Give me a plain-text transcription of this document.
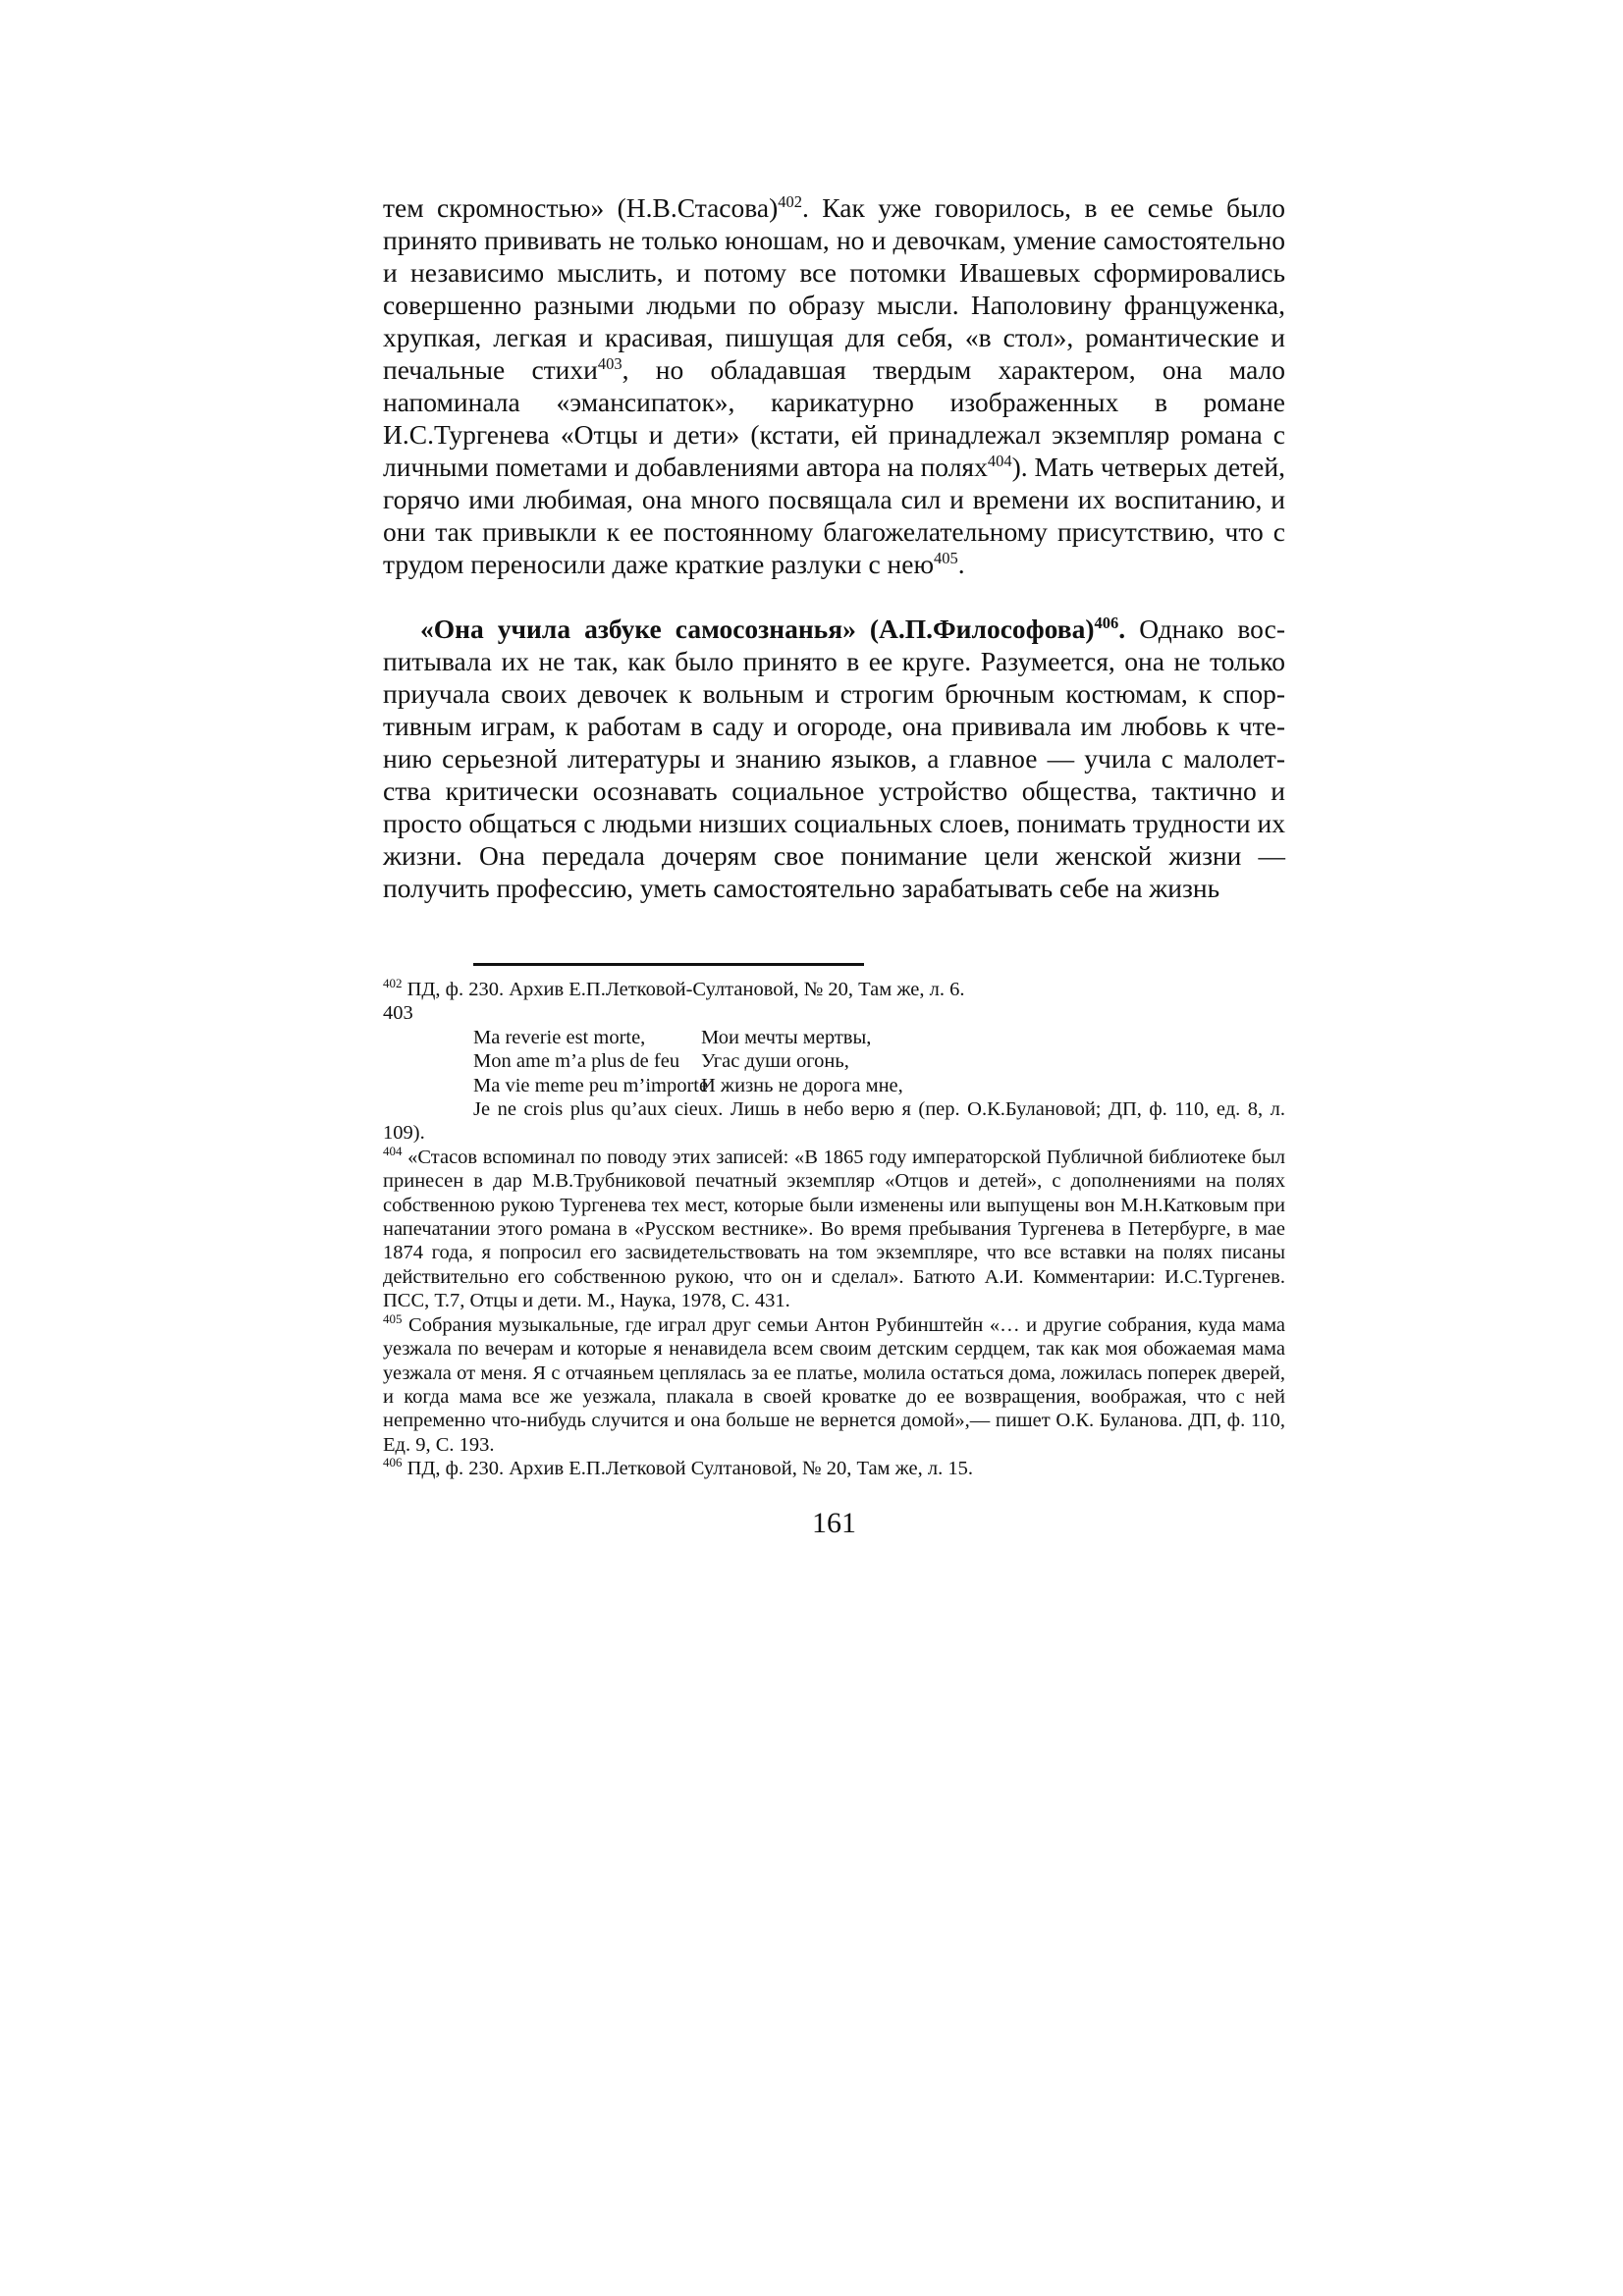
тем скромностью» (Н.В.Стасова)$^{402}$. Как уже говорилось, в ее семье было принято прививать не только юношам, но и девочкам, умение самостоятельно и независимо мыслить, и потому все потомки Ивашевых сформировались совершенно разными людьми по образу мысли. Наполовину француженка, хрупкая, легкая и красивая, пишущая для себя, «в стол», романтические и печальные стихи$^{403}$, но обладавшая твердым характером, она мало напоминала «эмансипаток», карикатурно изображенных в романе И.С.Тургенева «Отцы и дети» (кстати, ей принадлежал экземпляр романа с личными пометами и добавлениями автора на полях$^{404}$). Мать четверых детей, горячо ими любимая, она много посвящала сил и времени их воспитанию, и они так привыкли к ее постоянному благожелательному присутствию, что с трудом переносили даже краткие разлуки с нею$^{405}$.

«Она учила азбуке самосознанья» (А.П.Философова)$^{406}$. Однако воспитывала их не так, как было принято в ее круге. Разумеется, она не только приучала своих девочек к вольным и строгим брючным костюмам, к спортивным играм, к работам в саду и огороде, она прививала им любовь к чтению серьезной литературы и знанию языков, а главное — учила с малолетства критически осознавать социальное устройство общества, тактично и просто общаться с людьми низших социальных слоев, понимать трудности их жизни. Она передала дочерям свое понимание цели женской жизни — получить профессию, уметь самостоятельно зарабатывать себе на жизнь

$^{402}$ ПД, ф. 230. Архив Е.П.Летковой-Султановой, № 20, Там же, л. 6.

403
Ma reverie est morte,	Мои мечты мертвы,
Mon ame m’a plus de feu	Угас души огонь,
Ma vie meme peu m’importe
И жизнь не дорога мне,

Je ne crois plus qu’aux cieux. Лишь в небо верю я (пер. О.К.Булановой; ДП, ф. 110, ед. 8, л. 109).

$^{404}$ «Стасов вспоминал по поводу этих записей: «В 1865 году императорской Публичной библиотеке был принесен в дар М.В.Трубниковой печатный экземпляр «Отцов и детей», с дополнениями на полях собственною рукою Тургенева тех мест, которые были изменены или выпущены вон М.Н.Катковым при напечатании этого романа в «Русском вестнике». Во время пребывания Тургенева в Петербурге, в мае 1874 года, я попросил его засвидетельствовать на том экземпляре, что все вставки на полях писаны действительно его собственною рукою, что он и сделал». Батюто А.И. Комментарии: И.С.Тургенев. ПСС, Т.7, Отцы и дети. М., Наука, 1978, С. 431.

$^{405}$ Собрания музыкальные, где играл друг семьи Антон Рубинштейн «… и другие собрания, куда мама уезжала по вечерам и которые я ненавидела всем своим детским сердцем, так как моя обожаемая мама уезжала от меня. Я с отчаяньем цеплялась за ее платье, молила остаться дома, ложилась поперек дверей, и когда мама все же уезжала, плакала в своей кроватке до ее возвращения, воображая, что с ней непременно что-нибудь случится и она больше не вернется домой»,— пишет О.К. Буланова. ДП, ф. 110, Ед. 9, С. 193.

$^{406}$ ПД, ф. 230. Архив Е.П.Летковой Султановой, № 20, Там же, л. 15.

161
